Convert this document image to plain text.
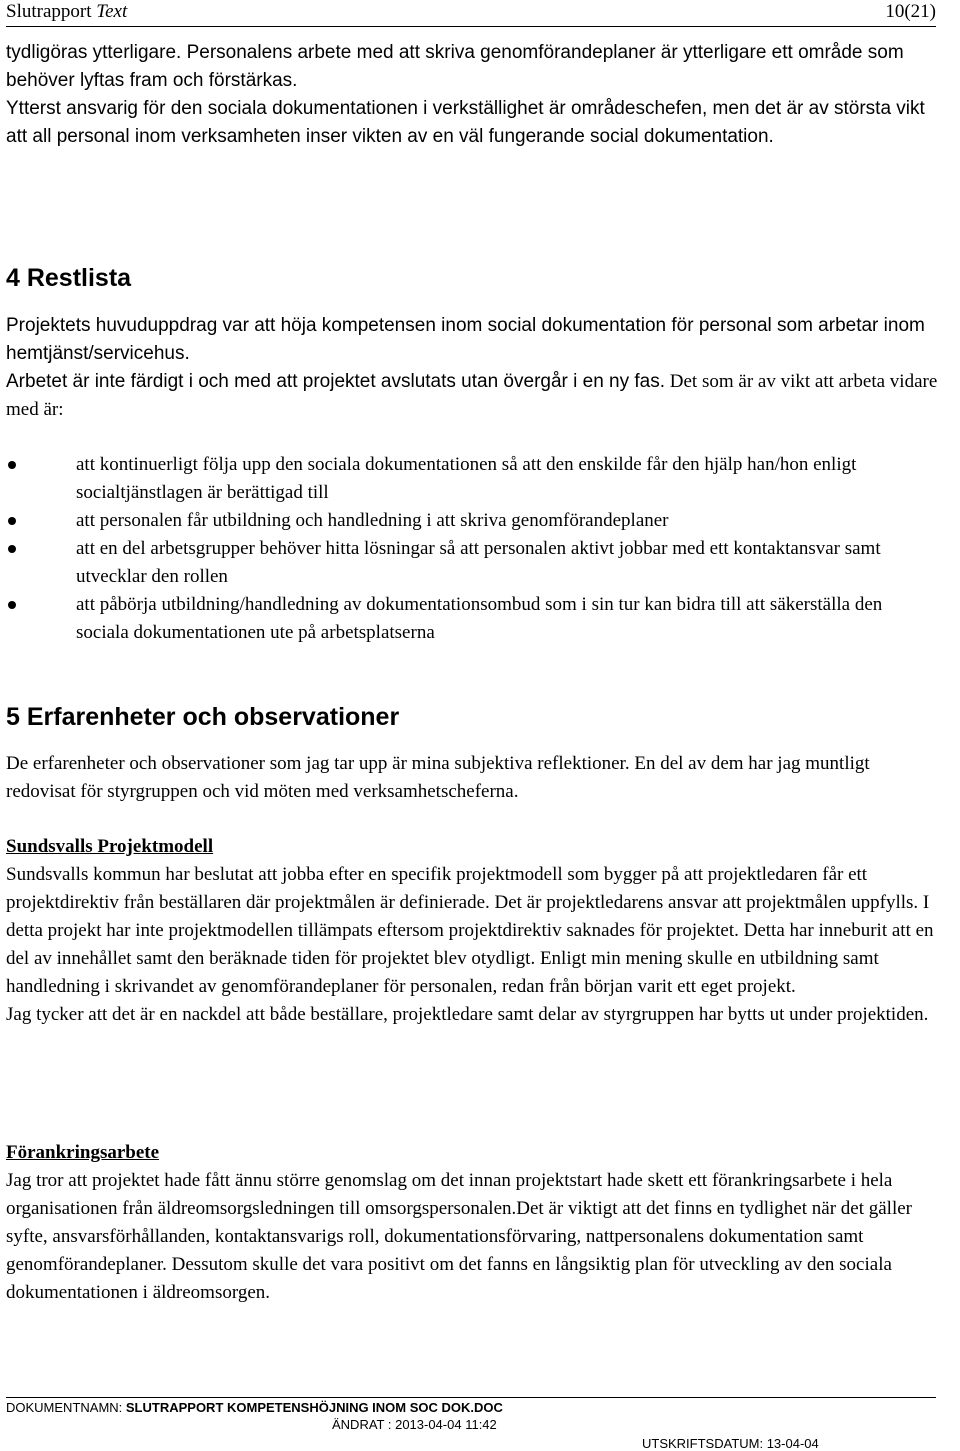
Slutrapport Text	10(21)

tydligöras ytterligare. Personalens arbete med att skriva genomförandeplaner är ytterligare ett område som behöver lyftas fram och förstärkas.

Ytterst ansvarig för den sociala dokumentationen i verkställighet är områdeschefen, men det är av största vikt att all personal inom verksamheten inser vikten av en väl fungerande social dokumentation.

4 Restlista

Projektets huvuduppdrag var att höja kompetensen inom social dokumentation för personal som arbetar inom hemtjänst/servicehus.

Arbetet är inte färdigt i och med att projektet avslutats utan övergår i en ny fas. Det som är av vikt att arbeta vidare med är:

att kontinuerligt följa upp den sociala dokumentationen så att den enskilde får den hjälp han/hon enligt socialtjänstlagen är berättigad till
att personalen får utbildning och handledning i att skriva genomförandeplaner
att en del arbetsgrupper behöver hitta lösningar så att personalen aktivt jobbar med ett kontaktansvar samt utvecklar den rollen
att påbörja utbildning/handledning av dokumentationsombud som i sin tur kan bidra till att säkerställa den sociala dokumentationen ute på arbetsplatserna
5 Erfarenheter och observationer

De erfarenheter och observationer som jag tar upp är mina subjektiva reflektioner. En del av dem har jag muntligt redovisat för styrgruppen och vid möten med verksamhetscheferna.

Sundsvalls Projektmodell

Sundsvalls kommun har beslutat att jobba efter en specifik projektmodell som bygger på att projektledaren får ett projektdirektiv från beställaren där projektmålen är definierade. Det är projektledarens ansvar att projektmålen uppfylls. I detta projekt har inte projektmodellen tillämpats eftersom projektdirektiv saknades för projektet. Detta har inneburit att en del av innehållet samt den beräknade tiden för projektet blev otydligt. Enligt min mening skulle en utbildning samt handledning i skrivandet av genomförandeplaner för personalen, redan från början varit ett eget projekt.

Jag tycker att det är en nackdel att både beställare, projektledare samt delar av styrgruppen har bytts ut under projektiden.

Förankringsarbete

Jag tror att projektet hade fått ännu större genomslag om det innan projektstart hade skett ett förankringsarbete i hela organisationen från äldreomsorgsledningen till omsorgspersonalen.Det är viktigt att det finns en tydlighet när det gäller syfte, ansvarsförhållanden, kontaktansvarigs roll, dokumentationsförvaring, nattpersonalens dokumentation samt genomförandeplaner. Dessutom skulle det vara positivt om det fanns en långsiktig plan för utveckling av den sociala dokumentationen i äldreomsorgen.

DOKUMENTNAMN: SLUTRAPPORT KOMPETENSHÖJNING INOM SOC DOK.DOC
ÄNDRAT : 2013-04-04 11:42
UTSKRIFTSDATUM: 13-04-04
